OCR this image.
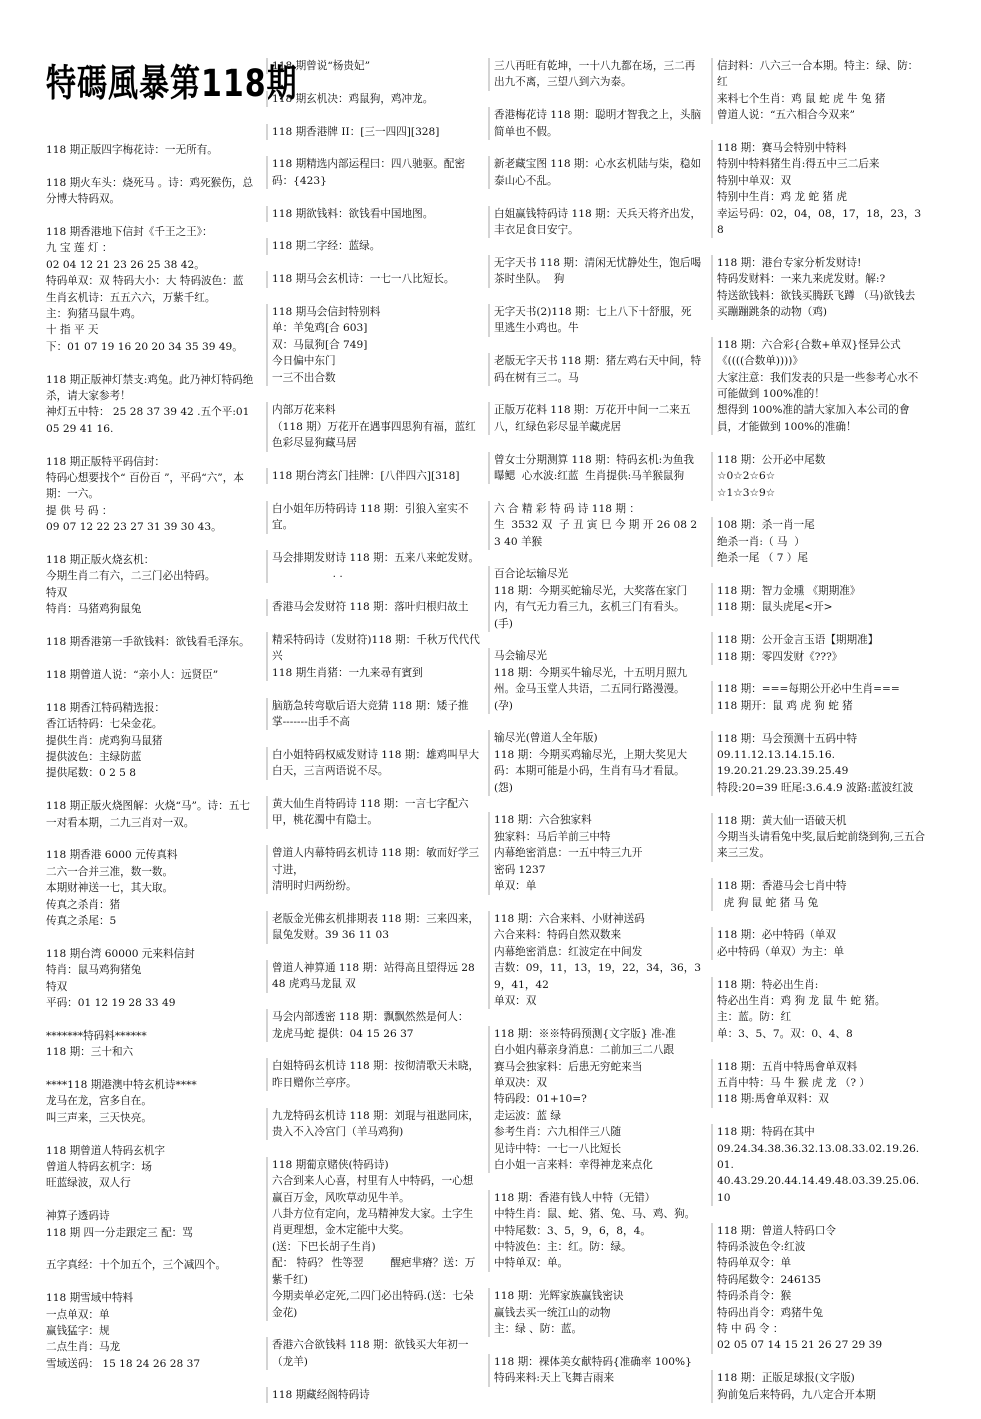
特碼風暴第118期
118 期正版四字梅花诗：一无所有。
118 期火车头：烧死马 。诗：鸡死猴伤，总分博大特码双。
118 期香港地下信封《千王之王》：
九 宝 莲 灯 ：
02 04 12 21 23 26 25 38 42。
特码单双：双 特码大小：大 特码波色：蓝
生肖玄机诗：五五六六，万紫千红。
主：狗猪马鼠牛鸡。
十 指 平 天
下：01 07 19 16 20 20 34 35 39 49。
118 期正版神灯禁支:鸡兔。此乃神灯特码绝杀，请大家参考！
神灯五中特： 25 28 37 39 42 .五个平:01 05 29 41 16.
118 期正版特平码信封：
特码心想要找个“ 百份百 ”，平码“六”，本期：一六。
提 供 号 码 ：
09 07 12 22 23 27 31 39 30 43。
118 期正版火烧玄机：
今期生肖二有六，二三门必出特码。
特双
特肖：马猪鸡狗鼠兔
118 期香港第一手欲钱料：欲钱看毛泽东。
118 期曾道人说：“亲小人：远贤臣”
118 期香江特码精选报：
香江话特码：七朵金花。
提供生肖：虎鸡狗马鼠猪
提供波色：主绿防蓝
提供尾数：0 2 5 8
118 期正版火烧图解：火烧“马”。诗：五七一对看本期，二九三肖对一双。
118 期香港 6000 元传真料
二六一合并三准，数一数。
本期财神送一七，其大取。
传真之杀肖：猪
传真之杀尾：5
118 期台湾 60000 元来料信封
特肖：鼠马鸡狗猪兔
特双
平码：01 12 19 28 33 49
*******特码料******
118 期：三十和六
****118 期港澳中特玄机诗****
龙马在龙，宫多自在。
叫三声来，三天快亮。
118 期曾道人特码玄机字
曾道人特码玄机字：场
旺蓝绿波，双人行
神算子透码诗
118 期 四一分走跟定三 配：骂
五字真经：十个加五个，三个减四个。
118 期雪域中特料
一点单双：单
赢钱猛字：规
二点生肖：马龙
雪域送码： 15 18 24 26 28 37
118 期曾说“杨贵妃”
118 期玄机决：鸡鼠狗，鸡冲龙。
118 期香港牌 II：[三一四四][328]
118 期精选内部运程曰：四八驰驱。配密码：{423}
118 期欲钱料：欲钱看中国地图。
118 期二字经：蓝绿。
118 期马会玄机诗：一七一八比短长。
118 期马会信封特别料
单：羊兔鸡[合 603]
双：马鼠狗[合 749]
今日偏中东门
一三不出合数
内部万花来料
（118 期）万花开在遇事四思狗有福，蓝红色彩尽显狗藏马居
118 期台湾玄门挂牌：[八伴四六][318]
白小姐年历特码诗 118 期：引狼入室实不宜。
马会排期发财诗 118 期：五来八来蛇发财。
. .
香港马会发财符 118 期：落叶归根归故土
精采特码诗（发财符)118 期：千秋万代代代兴
118 期生肖猪：一九来尋有賓到
脑筋急转弯歇后语大竞猜 118 期：矮子推掌-------出手不高
白小姐特码权威发财诗 118 期：雄鸡叫早大白天，三言两语说不尽。
黄大仙生肖特码诗 118 期：一言七字配六甲，桃花濁中有隐士。
曾道人内幕特码玄机诗 118 期：敏而好学三寸进，
清明时归两纷纷。
老版金光佛玄机排期表 118 期：三来四来，鼠兔发财。39 36 11 03
曾道人神算通 118 期：站得高且望得远 2848 虎鸡马龙鼠 双
马会内部透密 118 期：飘飘然然是何人： 龙虎马蛇 提供：04 15 26 37
白姐特码玄机诗 118 期：按彻清歌天未晓，昨日赠你兰亭序。
九龙特码玄机诗 118 期：刘琨与祖逖同床，贵入不入冷宫门（羊马鸡狗)
118 期葡京赌侠(特码诗)
六合到来人心喜，村里有人中特码，一心想赢百万金，风吹草动见牛羊。
八卦方位有定向，龙马精神发大家。土字生肖更理想，金木定能中大奖。
(送：下巴长胡子生肖)
配： 特码？ 性等翌        醒疤芈瘠？送：万紫千红)
今期卖单必定死,二四门必出特码.(送：七朵金花)
香港六合欲钱料 118 期：欲钱买大年初一  （龙羊)
118 期藏经阁特码诗
三八再旺有乾坤，一十八九都在场，三二再出九不离，三望八到六为泰。
香港梅花诗 118 期：聪明才智我之上，头脑简单也不假。
新老藏宝图 118 期：心水玄机陆与柒，稳如泰山心不乱。
白姐赢钱特码诗 118 期：天兵天将齐出发，丰衣足食日安宁。
无字天书 118 期：清闲无忧静处生，饱后喝茶时坐队。  狗
无字天书(2)118 期：七上八下十舒服，死里逃生小鸡也。牛
老版无字天书 118 期：猪左鸡右天中间，特码在树有三二。马
正版万花料 118 期：万花开中间一二来五八，红绿色彩尽显羊藏虎居
曾女士分期测算 118 期：特码玄机:为鱼我曝鳃  心水波:红蓝  生肖提供:马羊猴鼠狗
六 合 精 彩 特 码 诗 118 期 ：
生  3532 双  子 丑 寅 巳 今 期 开 26 08 23 40 羊猴
百合论坛输尽光
118 期：今期买蛇输尽光，大奖落在家门内，有气无力看三九，玄机三门有看头。(手)
马会输尽光
118 期：今期买牛输尽光，十五明月照九州。金马玉堂人共语，二五同行路漫漫。(孕)
输尽光(曾道人全年版)
118 期：今期买鸡输尽光，上期大奖见大码：本期可能是小码，生肖有马才看鼠。(怨)
118 期：六合独家料
独家料：马后羊前三中特
内幕绝密消息：一五中特三九开
密码 1237
单双：单
118 期：六合来料、小财神送码
六合来料：特码自然双数来
内幕绝密消息：红波定在中间发
吉数：09，11，13，19，22，34，36，39，41，42
单双：双
118 期：※※特码预测{文字版} 准-准
白小姐内幕亲身消息：二前加三二八跟
赛马会独家料：后患无穷蛇来当
单双决：双
特码段：01+10=?
走运波：蓝 绿
参考生肖：六九相伴三八随
见诗中特：一七一八比短长
白小姐一言来料：幸得神龙来点化
118 期：香港有钱人中特（无错）
中特生肖：鼠、蛇、猪、兔、马、鸡、狗。
中特尾数：3、5，9，6，8，4。
中特波色：主：红。防：绿。
中特单双：单。
118 期：光辉家族赢钱密诀
赢钱去买一统江山的动物
主：绿 、防：蓝。
118 期：裸体美女献特码{准确率 100%}
特码来料:天上飞舞吉雨来
信封料：八六三一合本期。特主：绿、防：红
来料七个生肖：鸡 鼠 蛇 虎 牛 兔 猪
曾道人说：“五六相合今双来”
118 期：赛马会特别中特料
特别中特料猪生肖:得五中三二后来
特别中单双：双
特别中生肖：鸡 龙 蛇 猪 虎
幸运号码：02，04，08，17，18，23，38
118 期：港台专家分析发财诗!
特码发财料：一来九来虎发财。解:?
特送欲钱料：欲钱买腾跃飞蹲 （马)欲钱去买蹦蹦跳条的动物（鸡)
118 期：六合彩{合数+单双}怪异公式
《((((合数单))))》
大家注意：我们发表的只是一些参考心水不可能做到 100%准的！
想得到 100%准的請大家加入本公司的會員，才能做到 100%的准确！
118 期：公开必中尾数
☆0☆2☆6☆
☆1☆3☆9☆
108 期：杀一肖一尾
绝杀一肖:（ 马  ）
绝杀一尾 （ 7 ）尾
118 期：智力金壎 《期期准》
118 期：鼠头虎尾<开>
118 期：公开金言玉语【期期准】
118 期：零四发财《???》
118 期：===每期公开必中生肖===
118 期开：鼠 鸡 虎 狗 蛇 猪
118 期：马会预测十五码中特
09.11.12.13.14.15.16.
19.20.21.29.23.39.25.49
特段:20=39 旺尾:3.6.4.9 波路:蓝波红波
118 期：黄大仙一语破天机
今期当头请看兔中奖,鼠后蛇前绕到狗,三五合来三三发。
118 期：香港马会七肖中特
虎 狗 鼠 蛇 猪 马 兔
118 期：必中特码（单双
必中特码（单双）为主：单
118 期：特必出生肖:
特必出生肖：鸡 狗 龙 鼠 牛 蛇 猪。
主：蓝。防：红
单：3、5、7。双：0、4、8
118 期：五肖中特馬會单双料
五肖中特：马 牛 猴 虎 龙 （? ）
118 期:馬會单双料：双
118 期：特码在其中
09.24.34.38.36.32.13.08.33.02.19.26.01.
40.43.29.20.44.14.49.48.03.39.25.06.10
118 期：曾道人特码口令
特码杀波色令:红波
特码单双令：单
特码尾数令：246135
特码杀肖令：猴
特码出肖令：鸡猪牛兔
特 中 码 令 ：
02 05 07 14 15 21 26 27 29 39
118 期：正版足球报(文字版)
狗前兔后来特码，九八定合开本期
